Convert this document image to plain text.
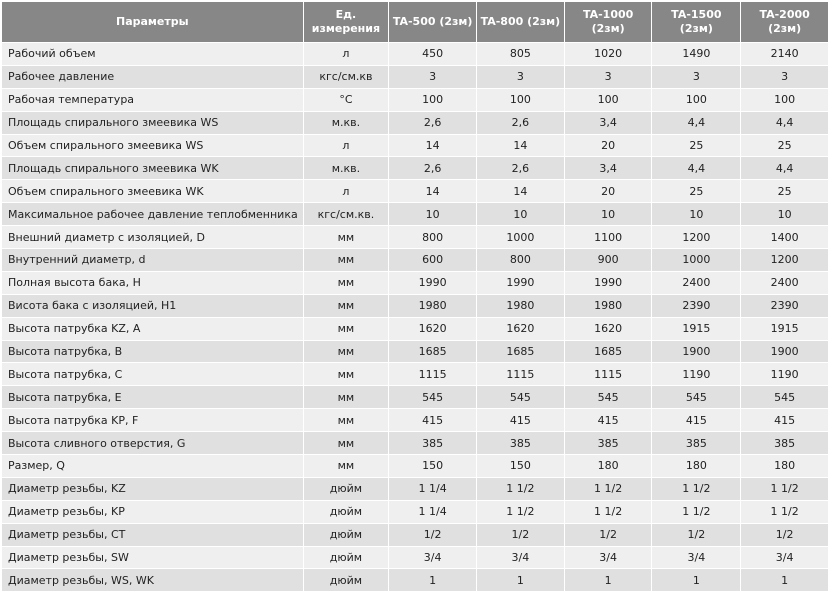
Параметры	Ед. измерения	TA-500 (2зм)	TA-800 (2зм)	TA-1000 (2зм)	TA-1500 (2зм)	TA-2000 (2зм)
Рабочий объем	л	450	805	1020	1490	2140
Рабочее давление	кгс/см.кв	3	3	3	3	3
Рабочая температура	°С	100	100	100	100	100
Площадь спирального змеевика WS	м.кв.	2,6	2,6	3,4	4,4	4,4
Объем спирального змеевика WS	л	14	14	20	25	25
Площадь спирального змеевика WK	м.кв.	2,6	2,6	3,4	4,4	4,4
Объем спирального змеевика WK	л	14	14	20	25	25
Максимальное рабочее давление теплобменника	кгс/см.кв.	10	10	10	10	10
Внешний диаметр с изоляцией, D	мм	800	1000	1100	1200	1400
Внутренний диаметр, d	мм	600	800	900	1000	1200
Полная высота бака, H	мм	1990	1990	1990	2400	2400
Висота бака с изоляцией, H1	мм	1980	1980	1980	2390	2390
Высота патрубка KZ, A	мм	1620	1620	1620	1915	1915
Высота патрубка, B	мм	1685	1685	1685	1900	1900
Высота патрубка, C	мм	1115	1115	1115	1190	1190
Высота патрубка, E	мм	545	545	545	545	545
Высота патрубка KP, F	мм	415	415	415	415	415
Высота сливного отверстия, G	мм	385	385	385	385	385
Размер, Q	мм	150	150	180	180	180
Диаметр резьбы, KZ	дюйм	1 1/4	1 1/2	1 1/2	1 1/2	1 1/2
Диаметр резьбы, KP	дюйм	1 1/4	1 1/2	1 1/2	1 1/2	1 1/2
Диаметр резьбы, CT	дюйм	1/2	1/2	1/2	1/2	1/2
Диаметр резьбы, SW	дюйм	3/4	3/4	3/4	3/4	3/4
Диаметр резьбы, WS, WK	дюйм	1	1	1	1	1
